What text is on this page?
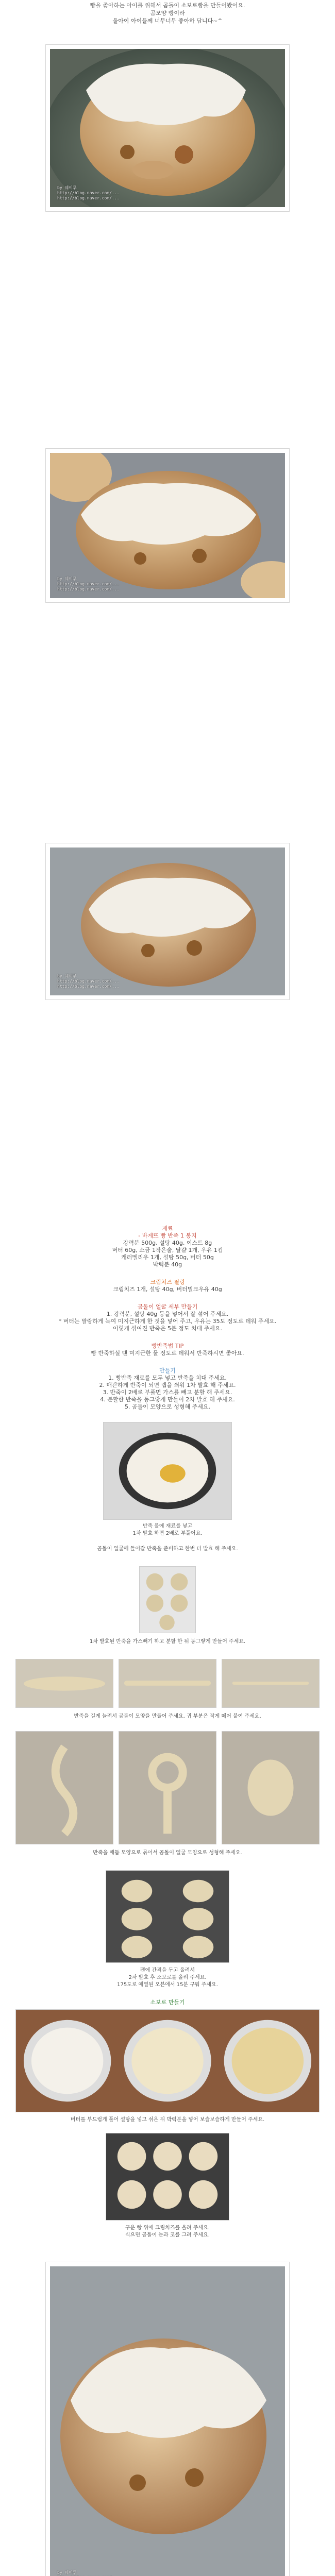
빵을 좋아하는 아이를 위해서 곰돌이 소보로빵을 만들어봤어요.
곰모양 빵이라
울아이 아이들께 너무너무 좋아하 답니다~^
by 쉐이루
http://blog.naver.com/...
http://blog.naver.com/...
by 쉐이루
http://blog.naver.com/...
http://blog.naver.com/...
by 쉐이루
http://blog.naver.com/...
http://blog.naver.com/...
재료
- 바게뜨 빵 반죽 1 봉지
강력분 500g, 설탕 40g, 이스트 8g
버터 60g, 소금 1작은술, 달걀 1개, 우유 1컵
캐러멜리우 1개, 설탕 50g, 버터 50g
박력분 40g
크림치즈 필링
크림치즈 1개, 설탕 40g, 버터밀크우유 40g
곰돌이 얼굴 세부 만들기
1. 강력분, 설탕 40g 등을 넣어서 잘 섞어 주세요.
* 버터는 말랑하게 녹여 미지근하게 한 것을 넣어 주고, 우유는 35도 정도로 데워 주세요.
이렇게 섞여진 반죽은 5분 정도 치대 주세요.
빵반죽법 TIP
빵 반죽하실 땐 미지근한 물 정도로 데워서 반죽하시면 좋아요.
만들기
1. 빵반죽 재료를 모두 넣고 반죽을 치대 주세요.
2. 매끈하게 반죽이 되면 랩을 씌워 1차 발효 해 주세요.
3. 반죽이 2배로 부풀면 가스를 빼고 분할 해 주세요.
4. 분할한 반죽을 동그랗게 만들어 2차 발효 해 주세요.
5. 곰돌이 모양으로 성형해 주세요.
반죽 볼에 재료를 넣고
1차 발효 하면 2배로 부풀어요.
곰돌이 얼굴에 들어갈 반죽을 준비하고 한번 더 발효 해 주세요.
1차 발효된 반죽을 가스빼기 하고 분할 한 뒤 동그랗게 만들어 주세요.
반죽을 길게 늘려서 곰돌이 모양을 만들어 주세요. 귀 부분은 작게 떼어 붙여 주세요.
반죽을 매듭 모양으로 묶어서 곰돌이 얼굴 모양으로 성형해 주세요.
팬에 간격을 두고 올려서
2차 발효 후 소보로를 올려 주세요.
175도로 예열된 오븐에서 15분 구워 주세요.
소보로 만들기
버터를 부드럽게 풀어 설탕을 넣고 섞은 뒤 박력분을 넣어 보슬보슬하게 만들어 주세요.
구운 빵 위에 크림치즈를 올려 주세요.
식으면 곰돌이 눈과 코를 그려 주세요.
by 쉐이루
